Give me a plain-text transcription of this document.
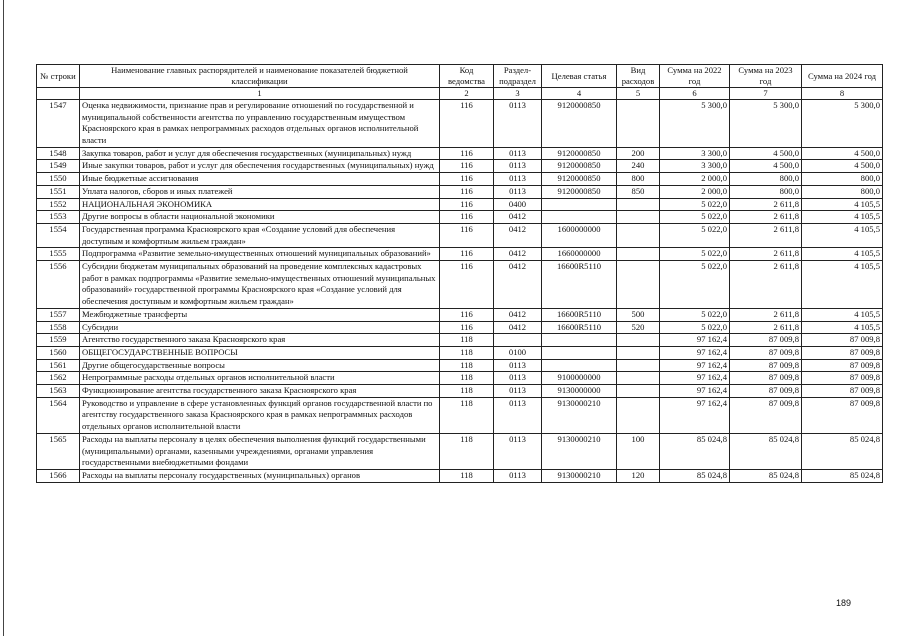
№ строки	Наименование главных распорядителей и наименование показателей бюджетной классификации	Код ведомства	Раздел-подраздел	Целевая статья	Вид расходов	Сумма на 2022 год	Сумма на 2023 год	Сумма на 2024 год
	1	2	3	4	5	6	7	8
1547	Оценка недвижимости, признание прав и регулирование отношений по государственной и муниципальной собственности агентства по управлению государственным имуществом Красноярского края в рамках непрограммных расходов отдельных органов исполнительной власти	116	0113	9120000850		5 300,0	5 300,0	5 300,0
1548	Закупка товаров, работ и услуг для обеспечения государственных (муниципальных) нужд	116	0113	9120000850	200	3 300,0	4 500,0	4 500,0
1549	Иные закупки товаров, работ и услуг для обеспечения государственных (муниципальных) нужд	116	0113	9120000850	240	3 300,0	4 500,0	4 500,0
1550	Иные бюджетные ассигнования	116	0113	9120000850	800	2 000,0	800,0	800,0
1551	Уплата налогов, сборов и иных платежей	116	0113	9120000850	850	2 000,0	800,0	800,0
1552	НАЦИОНАЛЬНАЯ ЭКОНОМИКА	116	0400			5 022,0	2 611,8	4 105,5
1553	Другие вопросы в области национальной экономики	116	0412			5 022,0	2 611,8	4 105,5
1554	Государственная программа Красноярского края «Создание условий для обеспечения доступным и комфортным жильем граждан»	116	0412	1600000000		5 022,0	2 611,8	4 105,5
1555	Подпрограмма «Развитие земельно-имущественных отношений муниципальных образований»	116	0412	1660000000		5 022,0	2 611,8	4 105,5
1556	Субсидии бюджетам муниципальных образований на проведение комплексных кадастровых работ в рамках подпрограммы «Развитие земельно-имущественных отношений муниципальных образований» государственной программы Красноярского края «Создание условий для обеспечения доступным и комфортным жильем граждан»	116	0412	16600R5110		5 022,0	2 611,8	4 105,5
1557	Межбюджетные трансферты	116	0412	16600R5110	500	5 022,0	2 611,8	4 105,5
1558	Субсидии	116	0412	16600R5110	520	5 022,0	2 611,8	4 105,5
1559	Агентство государственного заказа Красноярского края	118				97 162,4	87 009,8	87 009,8
1560	ОБЩЕГОСУДАРСТВЕННЫЕ ВОПРОСЫ	118	0100			97 162,4	87 009,8	87 009,8
1561	Другие общегосударственные вопросы	118	0113			97 162,4	87 009,8	87 009,8
1562	Непрограммные расходы отдельных органов исполнительной власти	118	0113	9100000000		97 162,4	87 009,8	87 009,8
1563	Функционирование агентства государственного заказа Красноярского края	118	0113	9130000000		97 162,4	87 009,8	87 009,8
1564	Руководство и управление в сфере установленных функций органов государственной власти по агентству государственного заказа Красноярского края в рамках непрограммных расходов отдельных органов исполнительной власти	118	0113	9130000210		97 162,4	87 009,8	87 009,8
1565	Расходы на выплаты персоналу в целях обеспечения выполнения функций государственными (муниципальными) органами, казенными учреждениями, органами управления государственными внебюджетными фондами	118	0113	9130000210	100	85 024,8	85 024,8	85 024,8
1566	Расходы на выплаты персоналу государственных (муниципальных) органов	118	0113	9130000210	120	85 024,8	85 024,8	85 024,8
189
